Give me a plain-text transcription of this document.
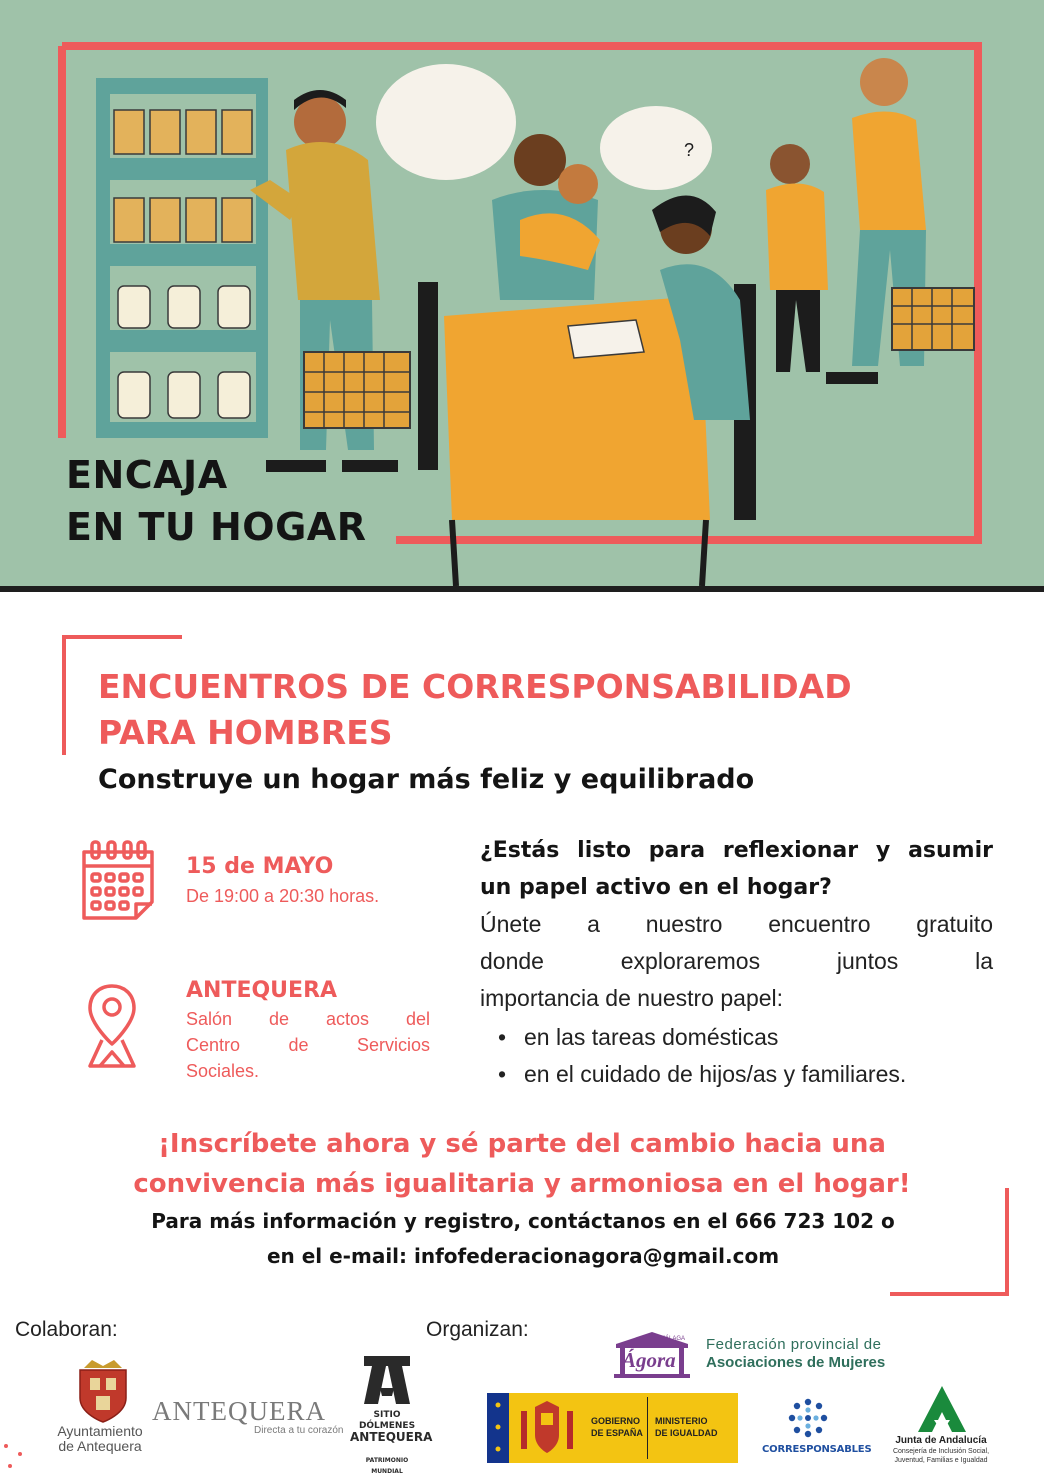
?
ENCAJA
EN TU HOGAR
ENCUENTROS DE CORRESPONSABILIDAD
PARA HOMBRES
Construye un hogar más feliz y equilibrado
15 de MAYO
De 19:00 a 20:30 horas.
ANTEQUERA
Salón de actos del
Centro de Servicios
Sociales.
¿Estás listo para reflexionar y asumir
un papel activo en el hogar?
Únete a nuestro encuentro gratuito
donde exploraremos juntos la
importancia de nuestro papel:
• en las tareas domésticas
• en el cuidado de hijos/as y familiares.
¡Inscríbete ahora y sé parte del cambio hacia una
convivencia más igualitaria y armoniosa en el hogar!
Para más información y registro, contáctanos en el 666 723 102 o
en el e-mail: infofederacionagora@gmail.com
Colaboran:	Organizan:
Ayuntamiento
de Antequera
ANTEQUERA
Directa a tu corazón
SITIO DÓLMENES
ANTEQUERA
PATRIMONIO MUNDIAL
MÁLAGA
Ágora
Federación provincial de
Asociaciones de Mujeres
GOBIERNO
DE ESPAÑA
MINISTERIO
DE IGUALDAD
CORRESPONSABLES
Junta de Andalucía
Consejería de Inclusión Social,
Juventud, Familias e Igualdad
